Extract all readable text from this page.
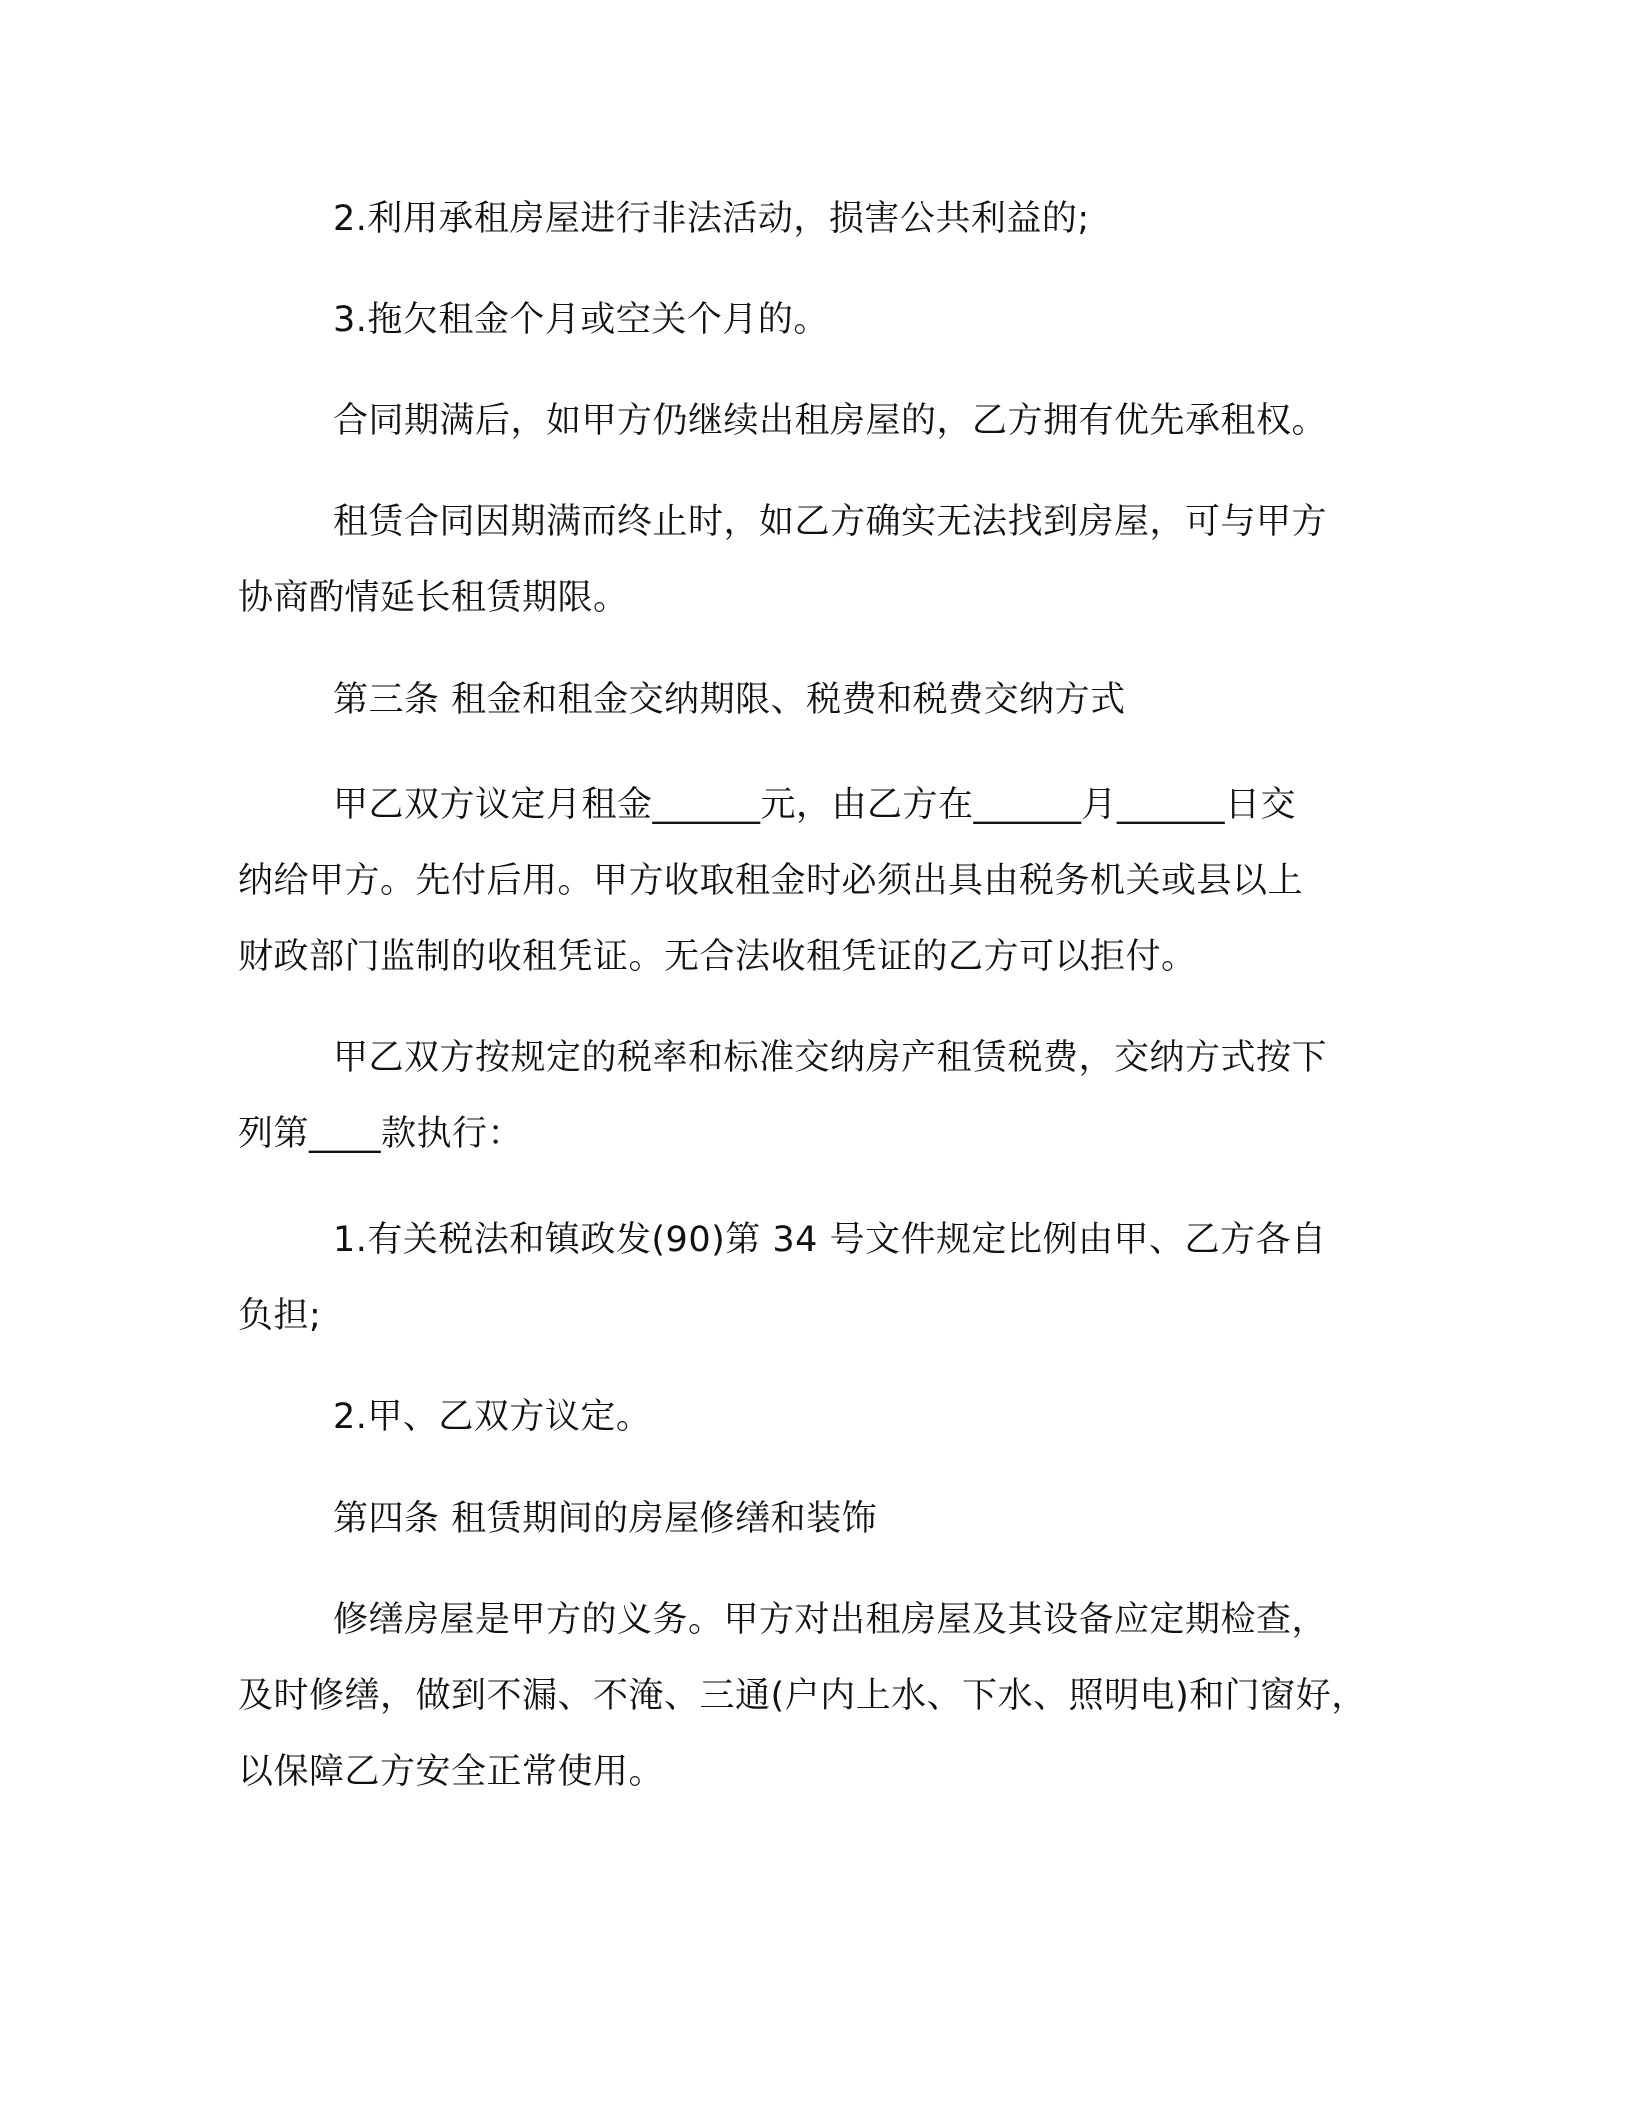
2.利用承租房屋进行非法活动，损害公共利益的;
3.拖欠租金个月或空关个月的。
合同期满后，如甲方仍继续出租房屋的，乙方拥有优先承租权。
租赁合同因期满而终止时，如乙方确实无法找到房屋，可与甲方
协商酌情延长租赁期限。
第三条 租金和租金交纳期限、税费和税费交纳方式
甲乙双方议定月租金______元，由乙方在______月______日交
纳给甲方。先付后用。甲方收取租金时必须出具由税务机关或县以上
财政部门监制的收租凭证。无合法收租凭证的乙方可以拒付。
甲乙双方按规定的税率和标准交纳房产租赁税费，交纳方式按下
列第____款执行：
1.有关税法和镇政发(90)第 34 号文件规定比例由甲、乙方各自
负担;
2.甲、乙双方议定。
第四条 租赁期间的房屋修缮和装饰
修缮房屋是甲方的义务。甲方对出租房屋及其设备应定期检查，
及时修缮，做到不漏、不淹、三通(户内上水、下水、照明电)和门窗好，
以保障乙方安全正常使用。
